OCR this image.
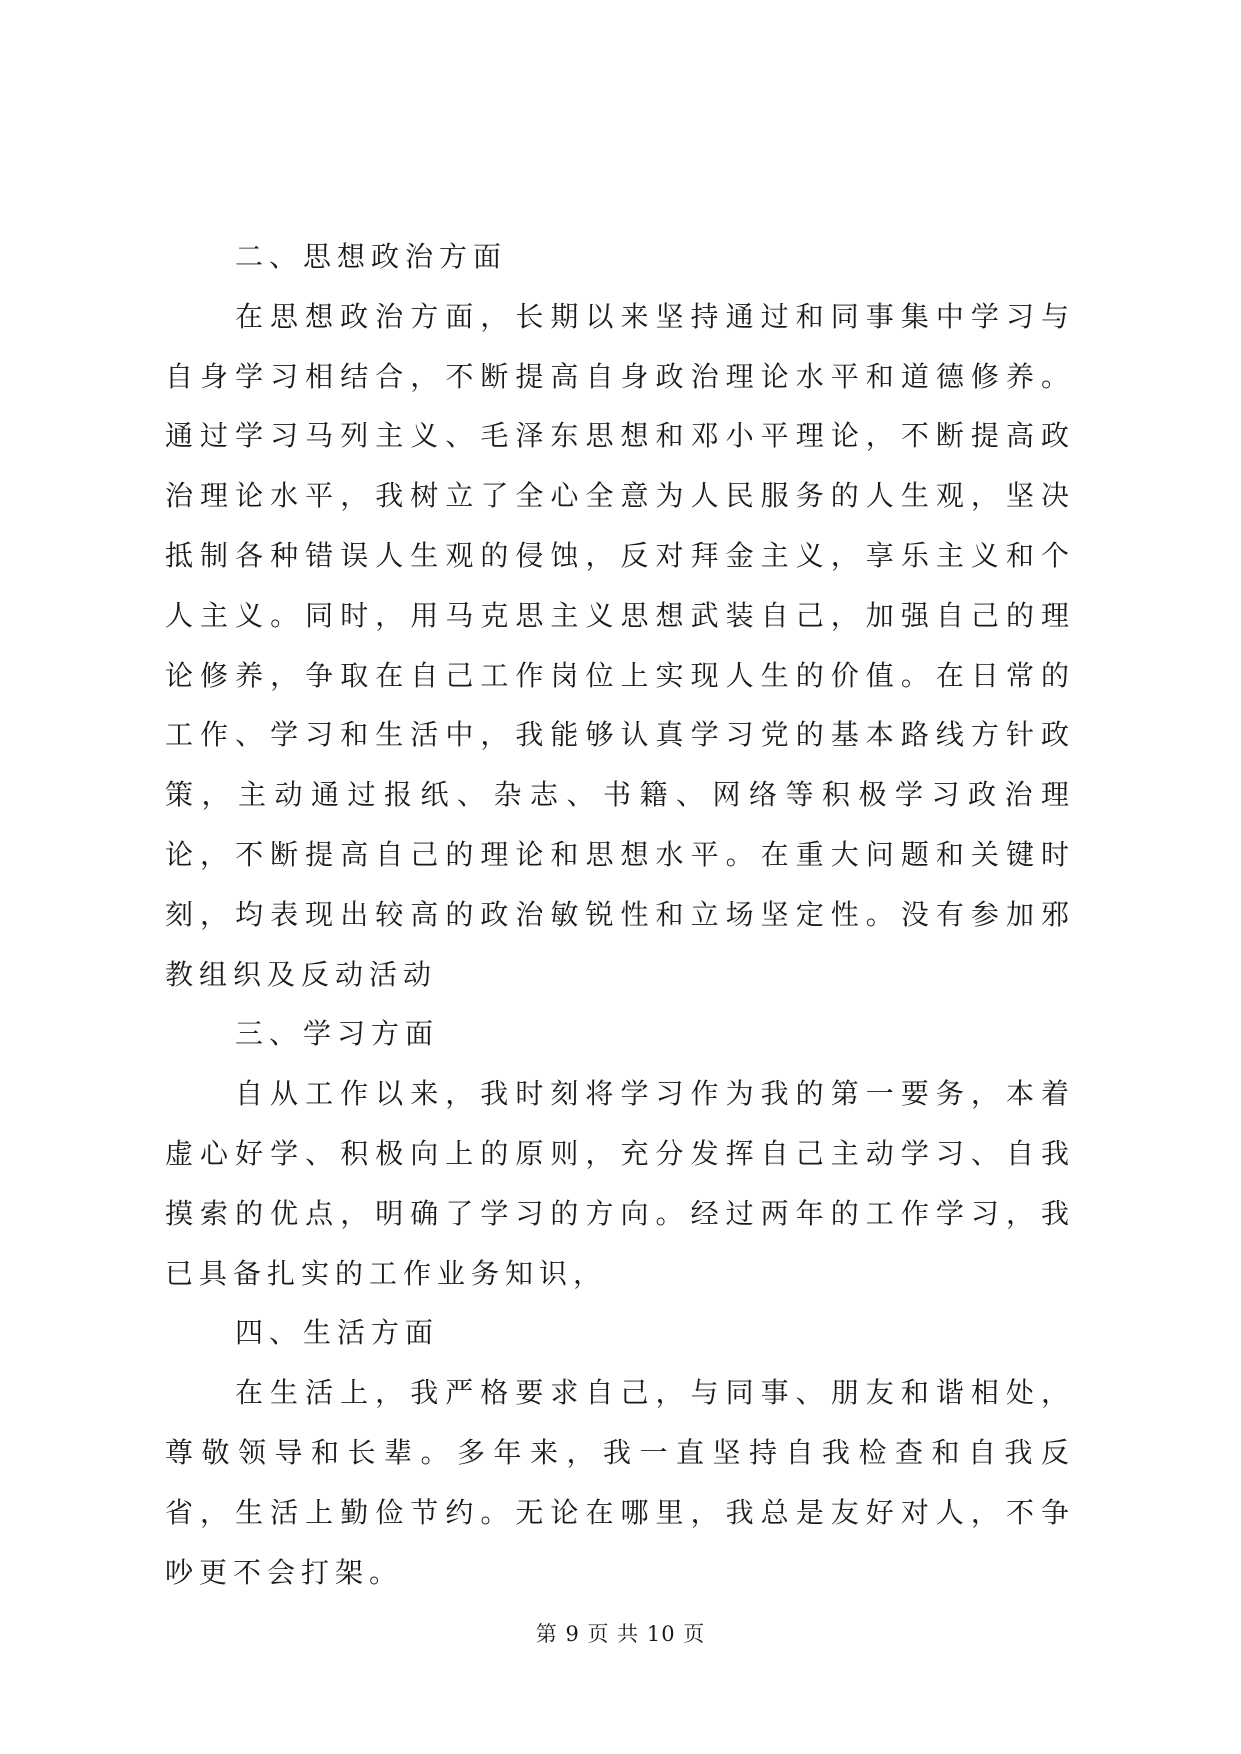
二、思想政治方面

在思想政治方面，长期以来坚持通过和同事集中学习与自身学习相结合，不断提高自身政治理论水平和道德修养。通过学习马列主义、毛泽东思想和邓小平理论，不断提高政治理论水平，我树立了全心全意为人民服务的人生观，坚决抵制各种错误人生观的侵蚀，反对拜金主义，享乐主义和个人主义。同时，用马克思主义思想武装自己，加强自己的理论修养，争取在自己工作岗位上实现人生的价值。在日常的工作、学习和生活中，我能够认真学习党的基本路线方针政策，主动通过报纸、杂志、书籍、网络等积极学习政治理论，不断提高自己的理论和思想水平。在重大问题和关键时刻，均表现出较高的政治敏锐性和立场坚定性。没有参加邪教组织及反动活动

三、学习方面

自从工作以来，我时刻将学习作为我的第一要务，本着虚心好学、积极向上的原则，充分发挥自己主动学习、自我摸索的优点，明确了学习的方向。经过两年的工作学习，我已具备扎实的工作业务知识，

四、生活方面

在生活上，我严格要求自己，与同事、朋友和谐相处，尊敬领导和长辈。多年来，我一直坚持自我检查和自我反省，生活上勤俭节约。无论在哪里，我总是友好对人，不争吵更不会打架。

第 9 页 共 10 页
